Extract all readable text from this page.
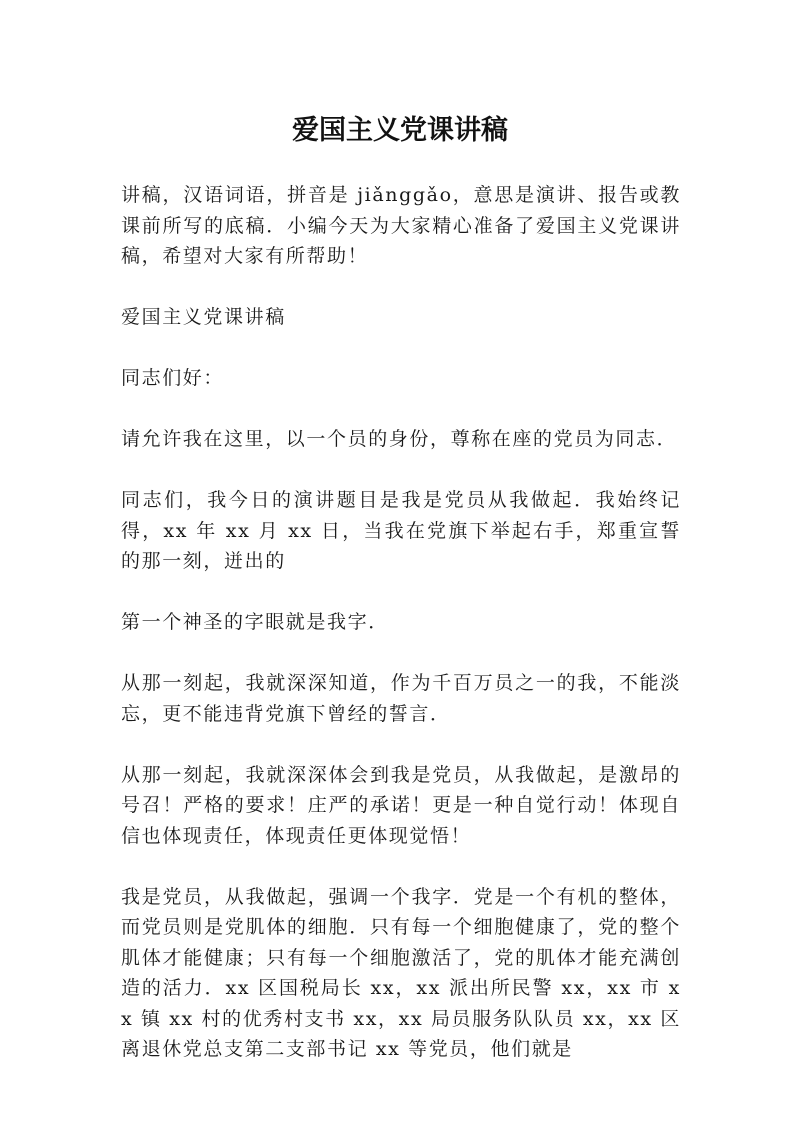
爱国主义党课讲稿

讲稿，汉语词语，拼音是 jiǎnggǎo，意思是演讲、报告或教课前所写的底稿．小编今天为大家精心准备了爱国主义党课讲稿，希望对大家有所帮助！

爱国主义党课讲稿

同志们好：

请允许我在这里，以一个员的身份，尊称在座的党员为同志．

同志们，我今日的演讲题目是我是党员从我做起．我始终记得，xx 年 xx 月 xx 日，当我在党旗下举起右手，郑重宣誓的那一刻，迸出的

第一个神圣的字眼就是我字．

从那一刻起，我就深深知道，作为千百万员之一的我，不能淡忘，更不能违背党旗下曾经的誓言．

从那一刻起，我就深深体会到我是党员，从我做起，是激昂的号召！严格的要求！庄严的承诺！更是一种自觉行动！体现自信也体现责任，体现责任更体现觉悟！

我是党员，从我做起，强调一个我字．党是一个有机的整体，而党员则是党肌体的细胞．只有每一个细胞健康了，党的整个肌体才能健康；只有每一个细胞激活了，党的肌体才能充满创造的活力．xx 区国税局长 xx，xx 派出所民警 xx，xx 市 xx 镇 xx 村的优秀村支书 xx，xx 局员服务队队员 xx，xx 区离退休党总支第二支部书记 xx 等党员，他们就是
